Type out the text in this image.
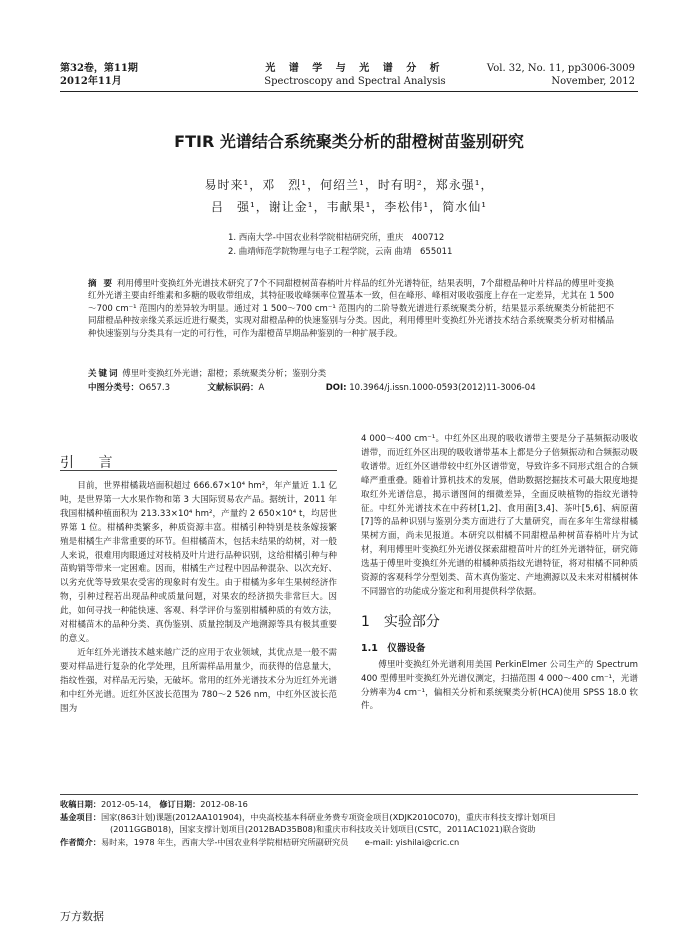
第32卷，第11期
2012年11月
光 谱 学 与 光 谱 分 析
Spectroscopy and Spectral Analysis
Vol. 32, No. 11, pp3006-3009
November, 2012
FTIR 光谱结合系统聚类分析的甜橙树苗鉴别研究
易时来¹，邓　烈¹，何绍兰¹，时有明²，郑永强¹，
吕　强¹，谢让金¹，韦献果¹，李松伟¹，简水仙¹
1. 西南大学-中国农业科学院柑桔研究所，重庆　400712
2. 曲靖师范学院物理与电子工程学院，云南 曲靖　655011
摘 要 利用傅里叶变换红外光谱技术研究了7个不同甜橙树苗春梢叶片样品的红外光谱特征，结果表明，7个甜橙品种叶片样品的傅里叶变换红外光谱主要由纤维素和多糖的吸收带组成，其特征吸收峰频率位置基本一致，但在峰形、峰相对吸收强度上存在一定差异，尤其在 1 500～700 cm⁻¹ 范围内的差异较为明显。通过对 1 500～700 cm⁻¹ 范围内的二阶导数光谱进行系统聚类分析，结果显示系统聚类分析能把不同甜橙品种按亲缘关系远近进行聚类，实现对甜橙品种的快速鉴别与分类。因此，利用傅里叶变换红外光谱技术结合系统聚类分析对柑橘品种快速鉴别与分类具有一定的可行性，可作为甜橙苗早期品种鉴别的一种扩展手段。
关键词 傅里叶变换红外光谱；甜橙；系统聚类分析；鉴别分类
中图分类号：O657.3	文献标识码：A	DOI: 10.3964/j.issn.1000-0593(2012)11-3006-04
引 言

目前，世界柑橘栽培面积超过 666.67×10⁴ hm²，年产量近 1.1 亿吨，是世界第一大水果作物和第 3 大国际贸易农产品。据统计，2011 年我国柑橘种植面积为 213.33×10⁴ hm²，产量约 2 650×10⁴ t，均居世界第 1 位。柑橘种类繁多，种质资源丰富。柑橘引种特别是枝条嫁接繁殖是柑橘生产非常重要的环节。但柑橘苗木，包括未结果的幼树，对一般人来说，很难用肉眼通过对枝梢及叶片进行品种识别，这给柑橘引种与种苗购销等带来一定困难。因而，柑橘生产过程中因品种混杂、以次充好、以劣充优等导致果农受害的现象时有发生。由于柑橘为多年生果树经济作物，引种过程若出现品种或质量问题，对果农的经济损失非常巨大。因此，如何寻找一种能快速、客观、科学评价与鉴别柑橘种质的有效方法，对柑橘苗木的品种分类、真伪鉴别、质量控制及产地溯源等具有极其重要的意义。

近年红外光谱技术越来越广泛的应用于农业领域，其优点是一般不需要对样品进行复杂的化学处理，且所需样品用量少，而获得的信息量大，指纹性强，对样品无污染，无破坏。常用的红外光谱技术分为近红外光谱和中红外光谱。近红外区波长范围为 780～2 526 nm，中红外区波长范围为

4 000～400 cm⁻¹。中红外区出现的吸收谱带主要是分子基频振动吸收谱带，而近红外区出现的吸收谱带基本上都是分子倍频振动和合频振动吸收谱带。近红外区谱带较中红外区谱带宽，导致许多不同形式组合的合频峰严重重叠。随着计算机技术的发展，借助数据挖掘技术可最大限度地提取红外光谱信息，揭示谱图间的细微差异，全面反映植物的指纹光谱特征。中红外光谱技术在中药材[1,2]、食用菌[3,4]、茶叶[5,6]、病原菌[7]等的品种识别与鉴别分类方面进行了大量研究，而在多年生常绿柑橘果树方面，尚未见报道。本研究以柑橘不同甜橙品种树苗春梢叶片为试材，利用傅里叶变换红外光谱仪探索甜橙苗叶片的红外光谱特征，研究筛选基于傅里叶变换红外光谱的柑橘种质指纹光谱特征，将对柑橘不同种质资源的客观科学分型划类、苗木真伪鉴定、产地溯源以及未来对柑橘树体不同器官的功能成分鉴定和利用提供科学依据。

1　实验部分
1.1　仪器设备

傅里叶变换红外光谱利用美国 PerkinElmer 公司生产的 Spectrum 400 型傅里叶变换红外光谱仪测定，扫描范围 4 000～400 cm⁻¹，光谱分辨率为4 cm⁻¹，偏相关分析和系统聚类分析(HCA)使用 SPSS 18.0 软件。

收稿日期：2012-05-14， 修订日期：2012-08-16
基金项目：国家(863计划)课题(2012AA101904)，中央高校基本科研业务费专项资金项目(XDJK2010C070)，重庆市科技支撑计划项目
(2011GGB018)，国家支撑计划项目(2012BAD35B08)和重庆市科技攻关计划项目(CSTC，2011AC1021)联合资助
作者简介：易时来，1978 年生，西南大学-中国农业科学院柑桔研究所副研究员　　e-mail: yishilai@cric.cn
万方数据
